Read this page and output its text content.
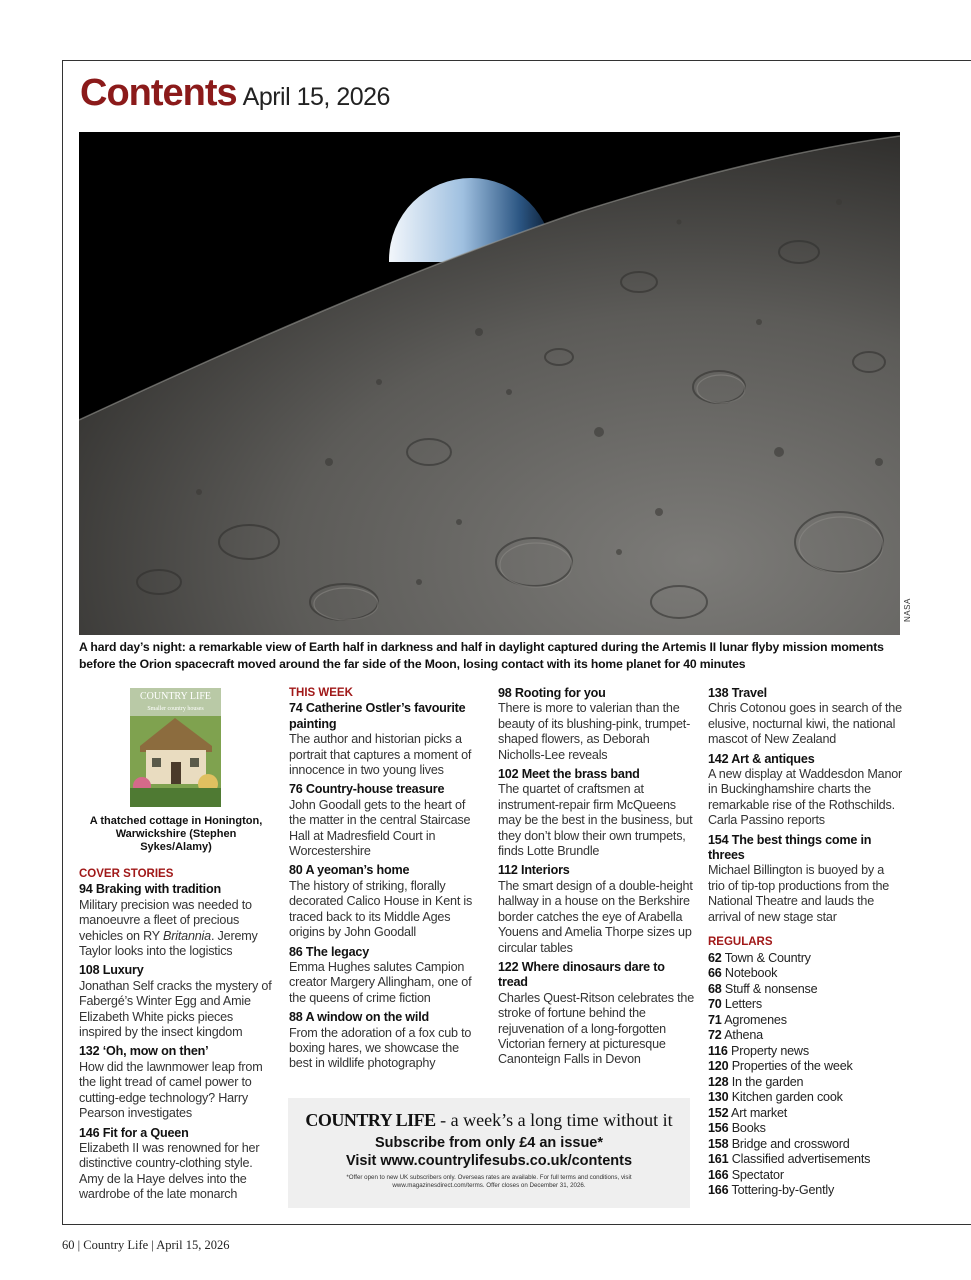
Contents April 15, 2026
NASA
A hard day’s night: a remarkable view of Earth half in darkness and half in daylight captured during the Artemis II lunar flyby mission moments before the Orion spacecraft moved around the far side of the Moon, losing contact with its home planet for 40 minutes
COUNTRY LIFE
Smaller country houses
A thatched cottage in Honington, Warwickshire (Stephen Sykes/Alamy)
COVER STORIES
94 Braking with tradition
Military precision was needed to manoeuvre a fleet of precious vehicles on RY Britannia. Jeremy Taylor looks into the logistics
108 Luxury
Jonathan Self cracks the mystery of Fabergé’s Winter Egg and Amie Elizabeth White picks pieces inspired by the insect kingdom
132 ‘Oh, mow on then’
How did the lawnmower leap from the light tread of camel power to cutting-edge technology? Harry Pearson investigates
146 Fit for a Queen
Elizabeth II was renowned for her distinctive country-clothing style. Amy de la Haye delves into the wardrobe of the late monarch
THIS WEEK
74 Catherine Ostler’s favourite painting
The author and historian picks a portrait that captures a moment of innocence in two young lives
76 Country-house treasure
John Goodall gets to the heart of the matter in the central Staircase Hall at Madresfield Court in Worcestershire
80 A yeoman’s home
The history of striking, florally decorated Calico House in Kent is traced back to its Middle Ages origins by John Goodall
86 The legacy
Emma Hughes salutes Campion creator Margery Allingham, one of the queens of crime fiction
88 A window on the wild
From the adoration of a fox cub to boxing hares, we showcase the best in wildlife photography
98 Rooting for you
There is more to valerian than the beauty of its blushing-pink, trumpet-shaped flowers, as Deborah Nicholls-Lee reveals
102 Meet the brass band
The quartet of craftsmen at instrument-repair firm McQueens may be the best in the business, but they don’t blow their own trumpets, finds Lotte Brundle
112 Interiors
The smart design of a double-height hallway in a house on the Berkshire border catches the eye of Arabella Youens and Amelia Thorpe sizes up circular tables
122 Where dinosaurs dare to tread
Charles Quest-Ritson celebrates the stroke of fortune behind the rejuvenation of a long-forgotten Victorian fernery at picturesque Canonteign Falls in Devon
138 Travel
Chris Cotonou goes in search of the elusive, nocturnal kiwi, the national mascot of New Zealand
142 Art & antiques
A new display at Waddesdon Manor in Buckinghamshire charts the remarkable rise of the Rothschilds. Carla Passino reports
154 The best things come in threes
Michael Billington is buoyed by a trio of tip-top productions from the National Theatre and lauds the arrival of new stage star
REGULARS
62 Town & Country
66 Notebook
68 Stuff & nonsense
70 Letters
71 Agromenes
72 Athena
116 Property news
120 Properties of the week
128 In the garden
130 Kitchen garden cook
152 Art market
156 Books
158 Bridge and crossword
161 Classified advertisements
166 Spectator
166 Tottering-by-Gently
COUNTRY LIFE - a week’s a long time without it
Subscribe from only £4 an issue*
Visit www.countrylifesubs.co.uk/contents
*Offer open to new UK subscribers only. Overseas rates are available. For full terms and conditions, visit www.magazinesdirect.com/terms. Offer closes on December 31, 2026.
60 | Country Life | April 15, 2026
